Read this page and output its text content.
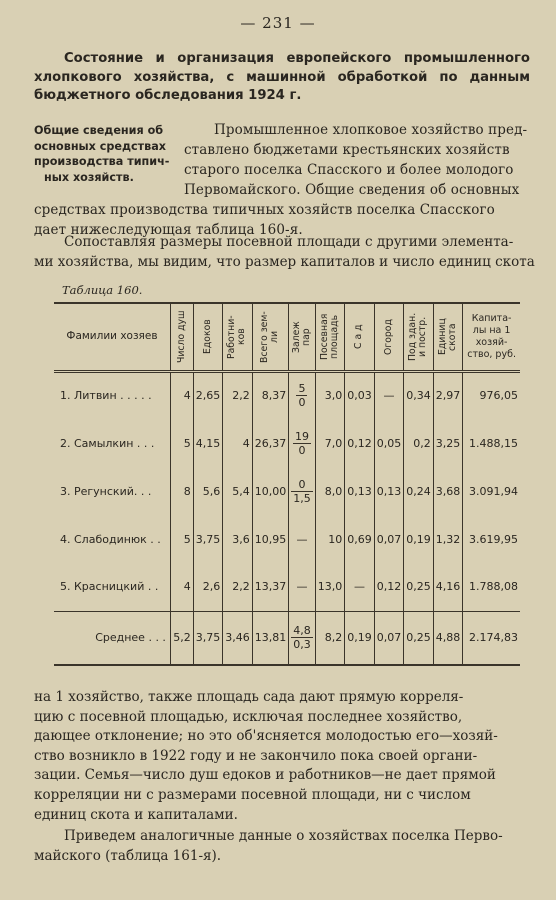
— 231 —
Состояние и организация европейского промышленного хлопкового хозяйства, с машинной обработкой по данным бюджетного обследования 1924 г.
Общие сведения об
основных средствах
производства типич-
ных хозяйств.
Промышленное хлопковое хозяйство пред-
ставлено бюджетами крестьянских хозяйств
старого поселка Спасского и более молодого
Первомайского. Общие сведения об основных
средствах производства типичных хозяйств поселка Спасского
дает нижеследующая таблица 160-я.
Сопоставляя размеры посевной площади с другими элемента-
ми хозяйства, мы видим, что размер капиталов и число единиц скота
Таблица 160.
Фамилии хозяев	Число душ	Едоков	Работни-
ков	Всего зем-
ли	Залеж
пар	Посевная
площадь	С а д	Огород	Под здан.
и постр.	Единиц
скота	Капита-лы на 1 хозяй-ство, руб.
1. Литвин . . . . .	4	2,65	2,2	8,37	$\frac{5}{0}$	3,0	0,03	—	0,34	2,97	976,05
2. Самылкин . . .	5	4,15	4	26,37	$\frac{19}{0}$	7,0	0,12	0,05	0,2	3,25	1.488,15
3. Регунский. . .	8	5,6	5,4	10,00	$\frac{0}{1,5}$	8,0	0,13	0,13	0,24	3,68	3.091,94
4. Слабодинюк . .	5	3,75	3,6	10,95	—	10	0,69	0,07	0,19	1,32	3.619,95
5. Красницкий . .	4	2,6	2,2	13,37	—	13,0	—	0,12	0,25	4,16	1.788,08
Среднее . . .	5,2	3,75	3,46	13,81	$\frac{4,8}{0,3}$	8,2	0,19	0,07	0,25	4,88	2.174,83
на 1 хозяйство, также площадь сада дают прямую корреля-
цию с посевной площадью, исключая последнее хозяйство,
дающее отклонение; но это об'ясняется молодостью его—хозяй-
ство возникло в 1922 году и не закончило пока своей органи-
зации. Семья—число душ едоков и работников—не дает прямой
корреляции ни с размерами посевной площади, ни с числом
единиц скота и капиталами.
Приведем аналогичные данные о хозяйствах поселка Перво-
майского (таблица 161-я).
